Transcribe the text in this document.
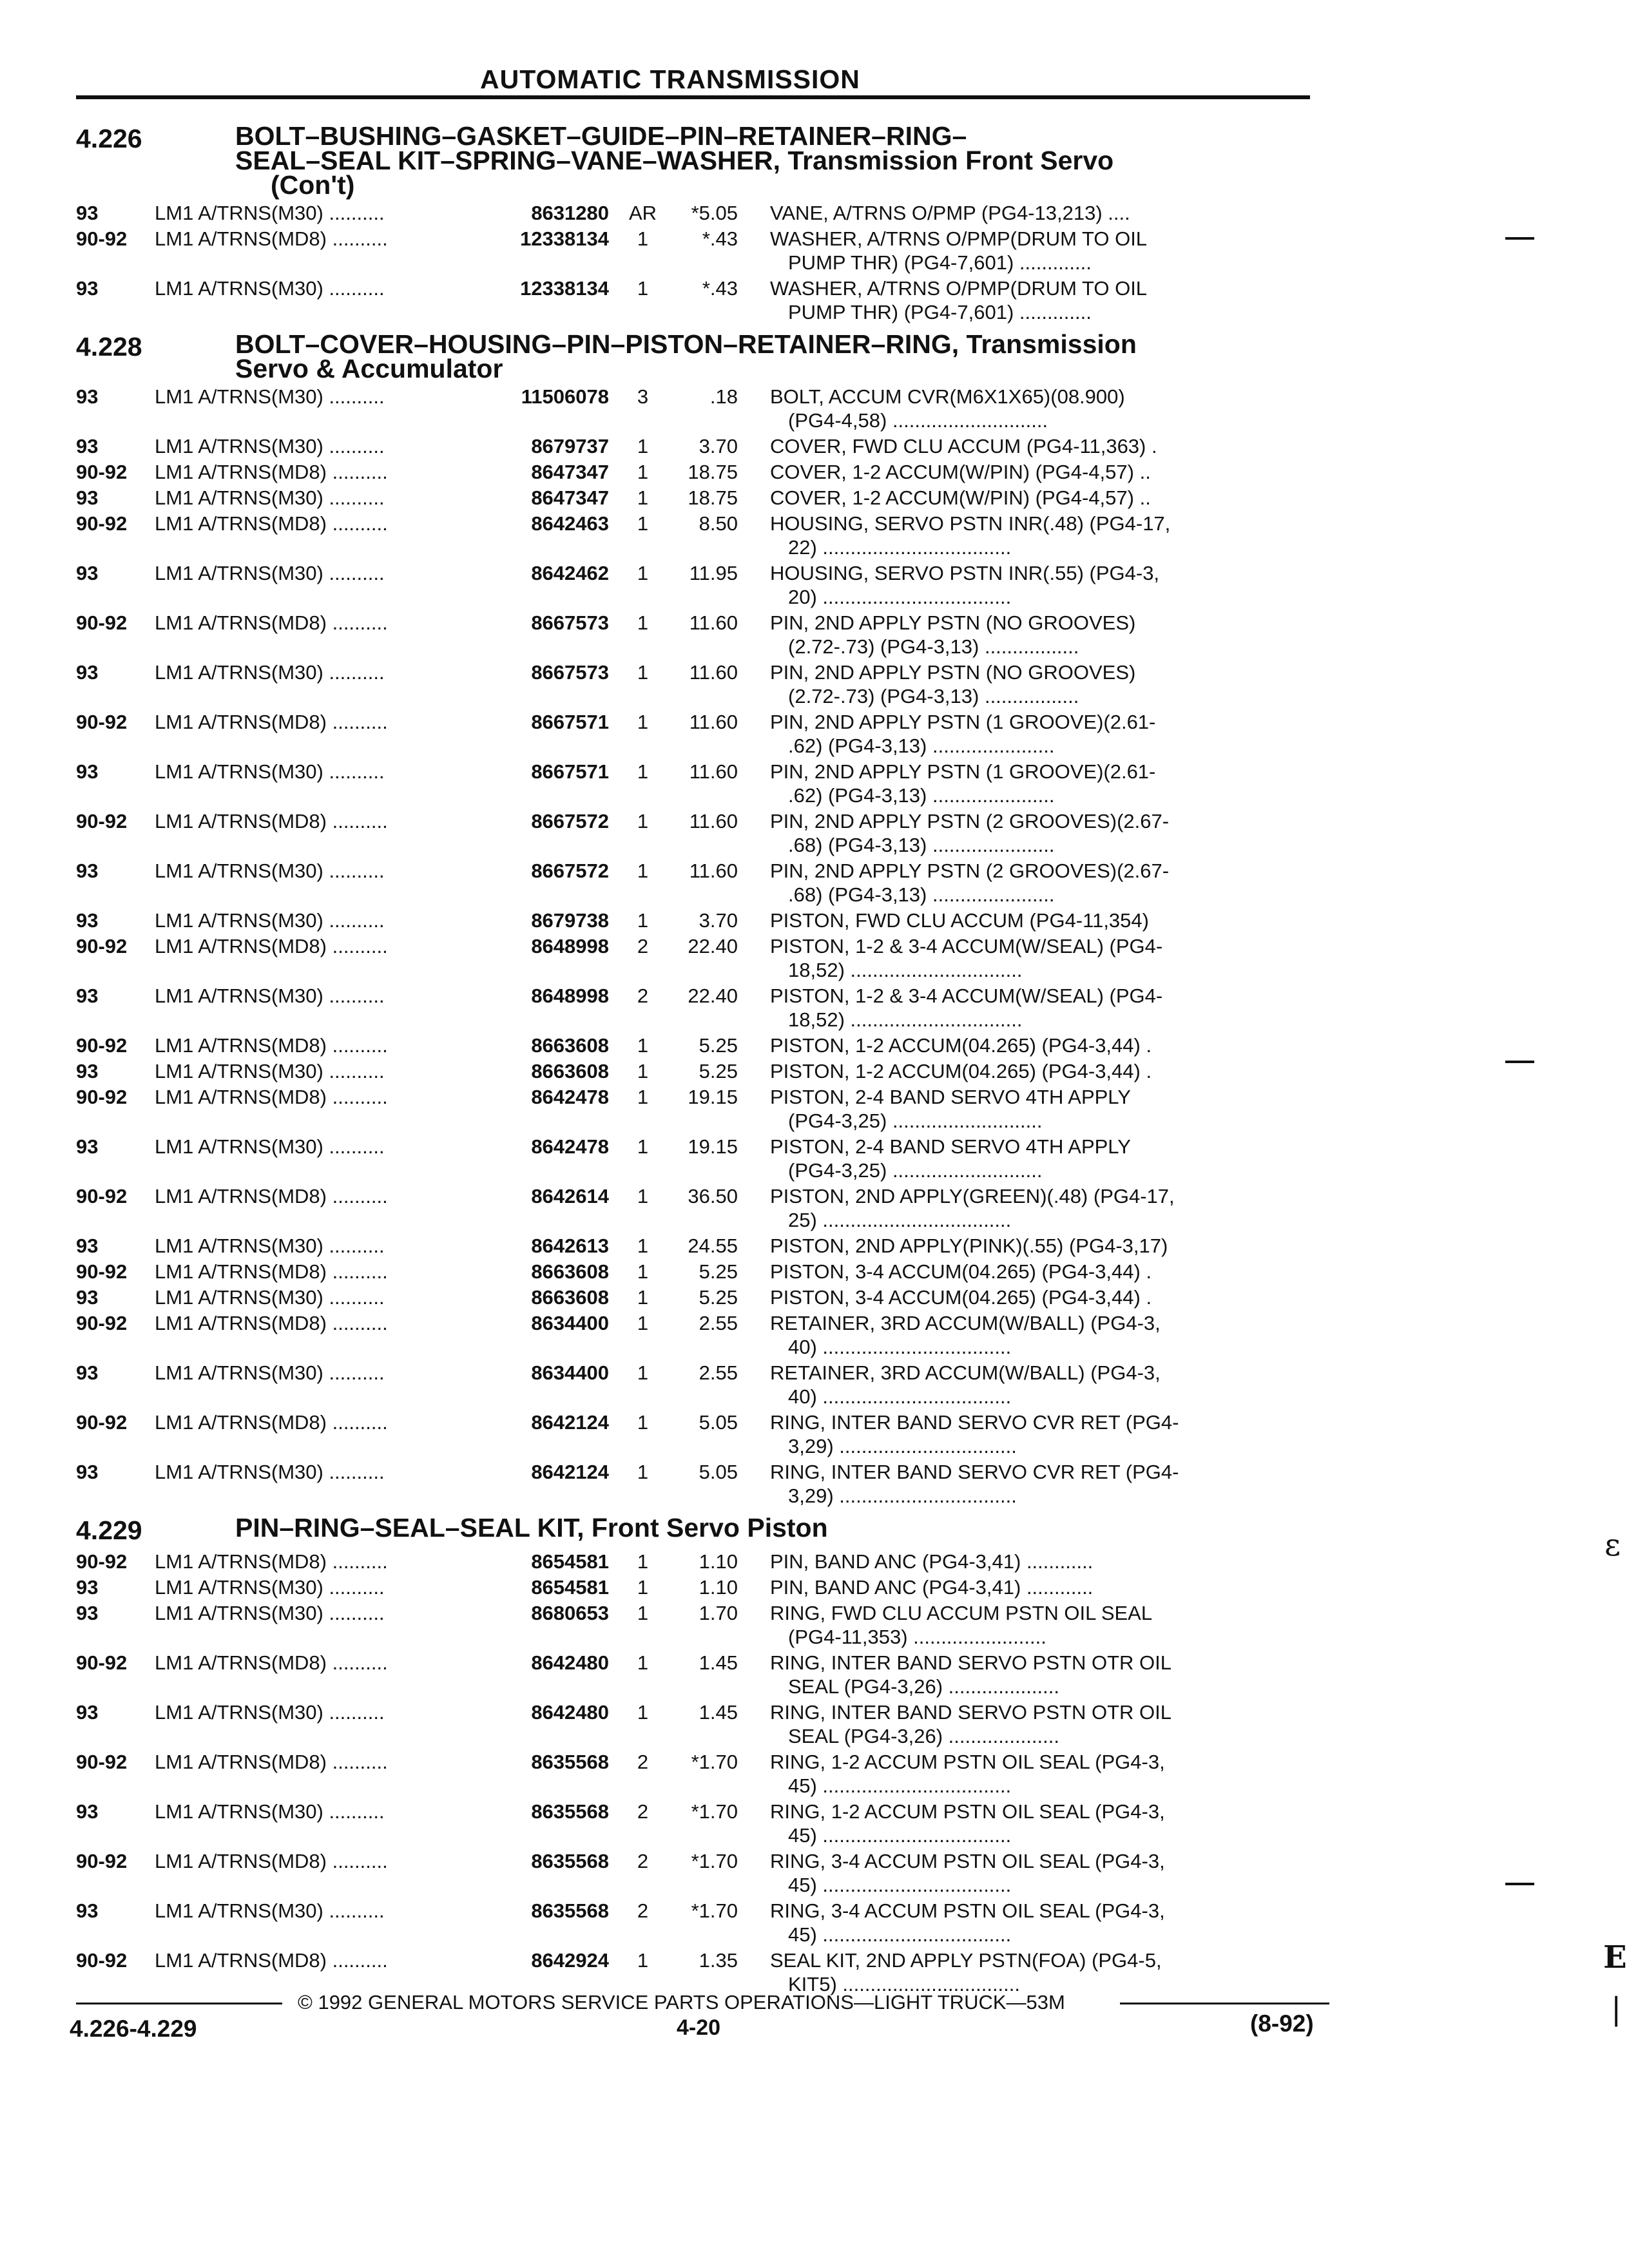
AUTOMATIC TRANSMISSION
4.226	BOLT–BUSHING–GASKET–GUIDE–PIN–RETAINER–RING–
SEAL–SEAL KIT–SPRING–VANE–WASHER, Transmission Front Servo
(Con't)
93	LM1 A/TRNS(M30) ..........	8631280 AR	*5.05 VANE, A/TRNS O/PMP (PG4-13,213) ....
90-92	LM1 A/TRNS(MD8) ..........	12338134	1	*.43 WASHER, A/TRNS O/PMP(DRUM TO OIL
PUMP THR) (PG4-7,601) .............
93	LM1 A/TRNS(M30) ..........	12338134	1	*.43 WASHER, A/TRNS O/PMP(DRUM TO OIL
PUMP THR) (PG4-7,601) .............
4.228	BOLT–COVER–HOUSING–PIN–PISTON–RETAINER–RING, Transmission
Servo & Accumulator
93	LM1 A/TRNS(M30) ..........	11506078	3	.18 BOLT, ACCUM CVR(M6X1X65)(08.900)
(PG4-4,58) ............................
93	LM1 A/TRNS(M30) ..........	8679737	1	3.70 COVER, FWD CLU ACCUM (PG4-11,363) .
90-92	LM1 A/TRNS(MD8) ..........	8647347	1	18.75 COVER, 1-2 ACCUM(W/PIN) (PG4-4,57) ..
93	LM1 A/TRNS(M30) ..........	8647347	1	18.75 COVER, 1-2 ACCUM(W/PIN) (PG4-4,57) ..
90-92	LM1 A/TRNS(MD8) ..........	8642463	1	8.50 HOUSING, SERVO PSTN INR(.48) (PG4-17,
22) ..................................
93	LM1 A/TRNS(M30) ..........	8642462	1	11.95 HOUSING, SERVO PSTN INR(.55) (PG4-3,
20) ..................................
90-92	LM1 A/TRNS(MD8) ..........	8667573	1	11.60 PIN, 2ND APPLY PSTN (NO GROOVES)
(2.72-.73) (PG4-3,13) .................
93	LM1 A/TRNS(M30) ..........	8667573	1	11.60 PIN, 2ND APPLY PSTN (NO GROOVES)
(2.72-.73) (PG4-3,13) .................
90-92	LM1 A/TRNS(MD8) ..........	8667571	1	11.60 PIN, 2ND APPLY PSTN (1 GROOVE)(2.61-
.62) (PG4-3,13) ......................
93	LM1 A/TRNS(M30) ..........	8667571	1	11.60 PIN, 2ND APPLY PSTN (1 GROOVE)(2.61-
.62) (PG4-3,13) ......................
90-92	LM1 A/TRNS(MD8) ..........	8667572	1	11.60 PIN, 2ND APPLY PSTN (2 GROOVES)(2.67-
.68) (PG4-3,13) ......................
93	LM1 A/TRNS(M30) ..........	8667572	1	11.60 PIN, 2ND APPLY PSTN (2 GROOVES)(2.67-
.68) (PG4-3,13) ......................
93	LM1 A/TRNS(M30) ..........	8679738	1	3.70 PISTON, FWD CLU ACCUM (PG4-11,354)
90-92	LM1 A/TRNS(MD8) ..........	8648998	2	22.40 PISTON, 1-2 & 3-4 ACCUM(W/SEAL) (PG4-
18,52) ...............................
93	LM1 A/TRNS(M30) ..........	8648998	2	22.40 PISTON, 1-2 & 3-4 ACCUM(W/SEAL) (PG4-
18,52) ...............................
90-92	LM1 A/TRNS(MD8) ..........	8663608	1	5.25 PISTON, 1-2 ACCUM(04.265) (PG4-3,44) .
93	LM1 A/TRNS(M30) ..........	8663608	1	5.25 PISTON, 1-2 ACCUM(04.265) (PG4-3,44) .
90-92	LM1 A/TRNS(MD8) ..........	8642478	1	19.15 PISTON, 2-4 BAND SERVO 4TH APPLY
(PG4-3,25) ...........................
93	LM1 A/TRNS(M30) ..........	8642478	1	19.15 PISTON, 2-4 BAND SERVO 4TH APPLY
(PG4-3,25) ...........................
90-92	LM1 A/TRNS(MD8) ..........	8642614	1	36.50 PISTON, 2ND APPLY(GREEN)(.48) (PG4-17,
25) ..................................
93	LM1 A/TRNS(M30) ..........	8642613	1	24.55 PISTON, 2ND APPLY(PINK)(.55) (PG4-3,17)
90-92	LM1 A/TRNS(MD8) ..........	8663608	1	5.25 PISTON, 3-4 ACCUM(04.265) (PG4-3,44) .
93	LM1 A/TRNS(M30) ..........	8663608	1	5.25 PISTON, 3-4 ACCUM(04.265) (PG4-3,44) .
90-92	LM1 A/TRNS(MD8) ..........	8634400	1	2.55 RETAINER, 3RD ACCUM(W/BALL) (PG4-3,
40) ..................................
93	LM1 A/TRNS(M30) ..........	8634400	1	2.55 RETAINER, 3RD ACCUM(W/BALL) (PG4-3,
40) ..................................
90-92	LM1 A/TRNS(MD8) ..........	8642124	1	5.05 RING, INTER BAND SERVO CVR RET (PG4-
3,29) ................................
93	LM1 A/TRNS(M30) ..........	8642124	1	5.05 RING, INTER BAND SERVO CVR RET (PG4-
3,29) ................................
4.229	PIN–RING–SEAL–SEAL KIT, Front Servo Piston
90-92	LM1 A/TRNS(MD8) ..........	8654581	1	1.10 PIN, BAND ANC (PG4-3,41) ............
93	LM1 A/TRNS(M30) ..........	8654581	1	1.10 PIN, BAND ANC (PG4-3,41) ............
93	LM1 A/TRNS(M30) ..........	8680653	1	1.70 RING, FWD CLU ACCUM PSTN OIL SEAL
(PG4-11,353) ........................
90-92	LM1 A/TRNS(MD8) ..........	8642480	1	1.45 RING, INTER BAND SERVO PSTN OTR OIL
SEAL (PG4-3,26) ....................
93	LM1 A/TRNS(M30) ..........	8642480	1	1.45 RING, INTER BAND SERVO PSTN OTR OIL
SEAL (PG4-3,26) ....................
90-92	LM1 A/TRNS(MD8) ..........	8635568	2	*1.70 RING, 1-2 ACCUM PSTN OIL SEAL (PG4-3,
45) ..................................
93	LM1 A/TRNS(M30) ..........	8635568	2	*1.70 RING, 1-2 ACCUM PSTN OIL SEAL (PG4-3,
45) ..................................
90-92	LM1 A/TRNS(MD8) ..........	8635568	2	*1.70 RING, 3-4 ACCUM PSTN OIL SEAL (PG4-3,
45) ..................................
93	LM1 A/TRNS(M30) ..........	8635568	2	*1.70 RING, 3-4 ACCUM PSTN OIL SEAL (PG4-3,
45) ..................................
90-92	LM1 A/TRNS(MD8) ..........	8642924	1	1.35 SEAL KIT, 2ND APPLY PSTN(FOA) (PG4-5,
KIT5) ................................
© 1992 GENERAL MOTORS SERVICE PARTS OPERATIONS—LIGHT TRUCK—53M
4.226-4.229	4-20	(8-92)
ε
E
|
